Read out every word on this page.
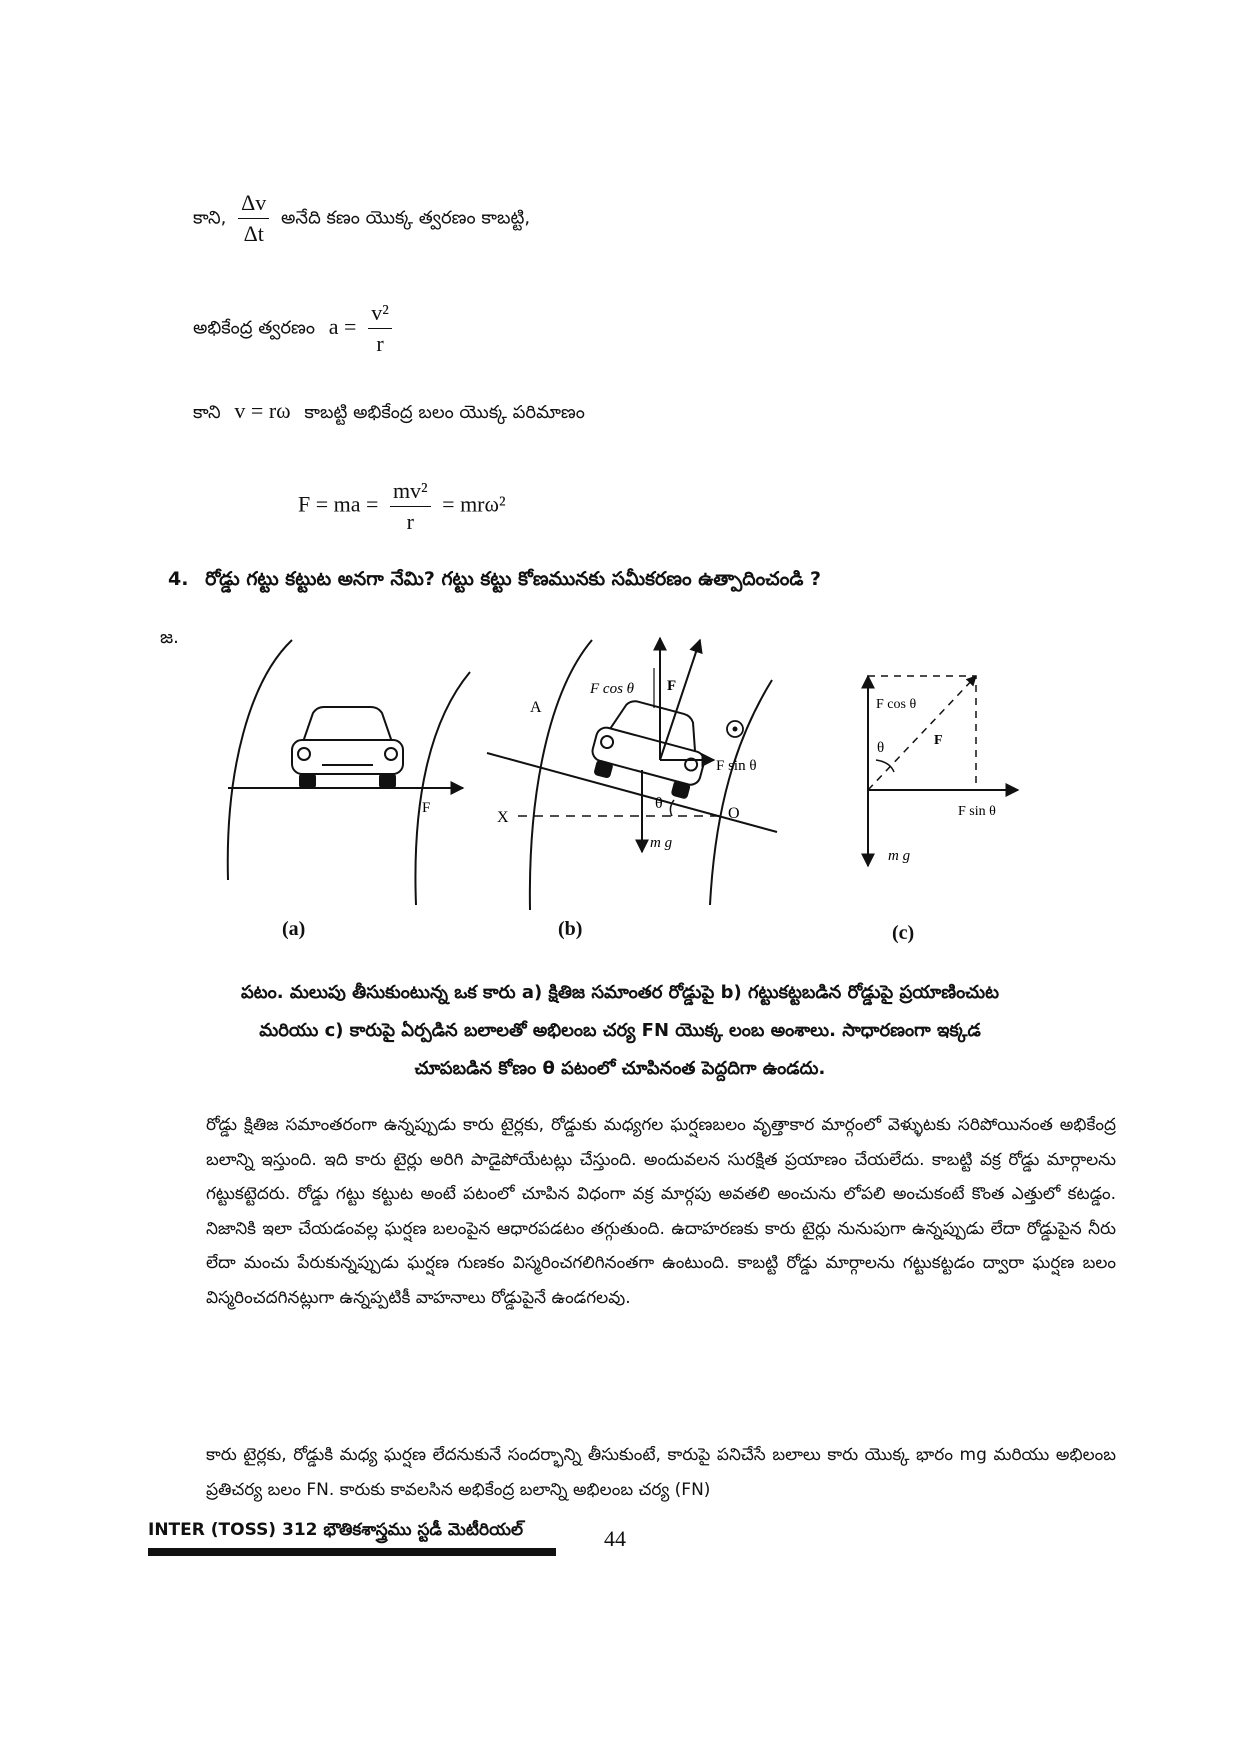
కాని, $\frac{\Delta v}{\Delta t}$ అనేది కణం యొక్క త్వరణం కాబట్టి,
అభికేంద్ర త్వరణం $a = \frac{\text{v²}}{r}$
కాని v = rω కాబట్టి అభికేంద్ర బలం యొక్క పరిమాణం
F = ma = $\frac{\text{mv²}}{r} = mr\omega^2$
4. రోడ్డు గట్టు కట్టుట అనగా నేమి? గట్టు కట్టు కోణమునకు సమీకరణం ఉత్పాదించండి ?
జ.
F
A
X	O
θ
F cos θ F
F sin θ
m g
F cos θ
F
θ
F sin θ
m g
(a)	(b)	(c)
పటం. మలుపు తీసుకుంటున్న ఒక కారు a) క్షితిజ సమాంతర రోడ్డుపై b) గట్టుకట్టబడిన రోడ్డుపై ప్రయాణించుట
మరియు c) కారుపై ఏర్పడిన బలాలతో అభిలంబ చర్య FN యొక్క లంబ అంశాలు. సాధారణంగా ఇక్కడ
చూపబడిన కోణం θ పటంలో చూపినంత పెద్దదిగా ఉండదు.

రోడ్డు క్షితిజ సమాంతరంగా ఉన్నప్పుడు కారు టైర్లకు, రోడ్డుకు మధ్యగల ఘర్షణబలం వృత్తాకార మార్గంలో వెళ్ళుటకు సరిపోయినంత అభికేంద్ర బలాన్ని ఇస్తుంది. ఇది కారు టైర్లు అరిగి పాడైపోయేటట్లు చేస్తుంది. అందువలన సురక్షిత ప్రయాణం చేయలేదు. కాబట్టి వక్ర రోడ్డు మార్గాలను గట్టుకట్టెదరు. రోడ్డు గట్టు కట్టుట అంటే పటంలో చూపిన విధంగా వక్ర మార్గపు అవతలి అంచును లోపలి అంచుకంటే కొంత ఎత్తులో కటడ్డం. నిజానికి ఇలా చేయడంవల్ల ఘర్షణ బలంపైన ఆధారపడటం తగ్గుతుంది. ఉదాహరణకు కారు టైర్లు నునుపుగా ఉన్నప్పుడు లేదా రోడ్డుపైన నీరు లేదా మంచు పేరుకున్నప్పుడు ఘర్షణ గుణకం విస్మరించగలిగినంతగా ఉంటుంది. కాబట్టి రోడ్డు మార్గాలను గట్టుకట్టడం ద్వారా ఘర్షణ బలం విస్మరించదగినట్లుగా ఉన్నప్పటికీ వాహనాలు రోడ్డుపైనే ఉండగలవు.

కారు టైర్లకు, రోడ్డుకి మధ్య ఘర్షణ లేదనుకునే సందర్భాన్ని తీసుకుంటే, కారుపై పనిచేసే బలాలు కారు యొక్క భారం mg మరియు అభిలంబ ప్రతిచర్య బలం FN. కారుకు కావలసిన అభికేంద్ర బలాన్ని అభిలంబ చర్య (FN)

INTER (TOSS) 312 భౌతికశాస్త్రము స్టడీ మెటీరియల్	44
